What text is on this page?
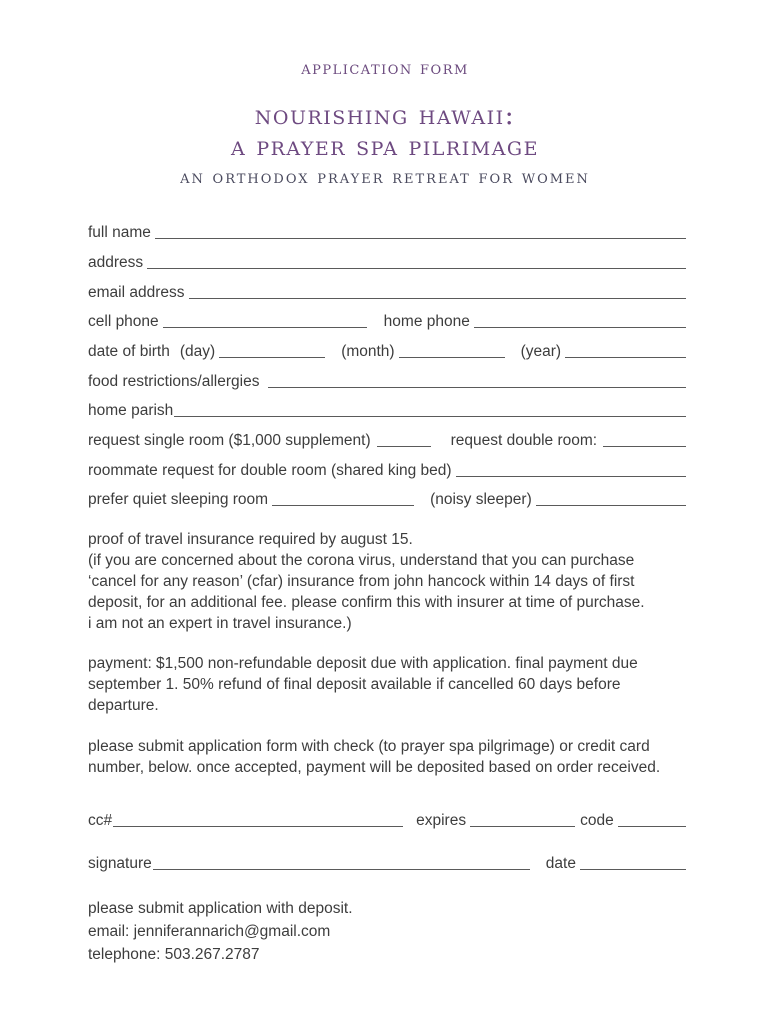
application form
nourishing hawaii:
a prayer spa pilrimage
an orthodox prayer retreat for women
full name
address
email address
cell phone	home phone
date of birth (day)	(month)	(year)
food restrictions/allergies
home parish
request single room ($1,000 supplement)	request double room:
roommate request for double room (shared king bed)
prefer quiet sleeping room	(noisy sleeper)
proof of travel insurance required by august 15.
(if you are concerned about the corona virus, understand that you can purchase
‘cancel for any reason’ (cfar) insurance from john hancock within 14 days of first
deposit, for an additional fee. please confirm this with insurer at time of purchase.
i am not an expert in travel insurance.)
payment: $1,500 non-refundable deposit due with application. final payment due
september 1. 50% refund of final deposit available if cancelled 60 days before
departure.
please submit application form with check (to prayer spa pilgrimage) or credit card
number, below. once accepted, payment will be deposited based on order received.
cc#	expires	code
signature	date
please submit application with deposit.
email: jenniferannarich@gmail.com
telephone: 503.267.2787
